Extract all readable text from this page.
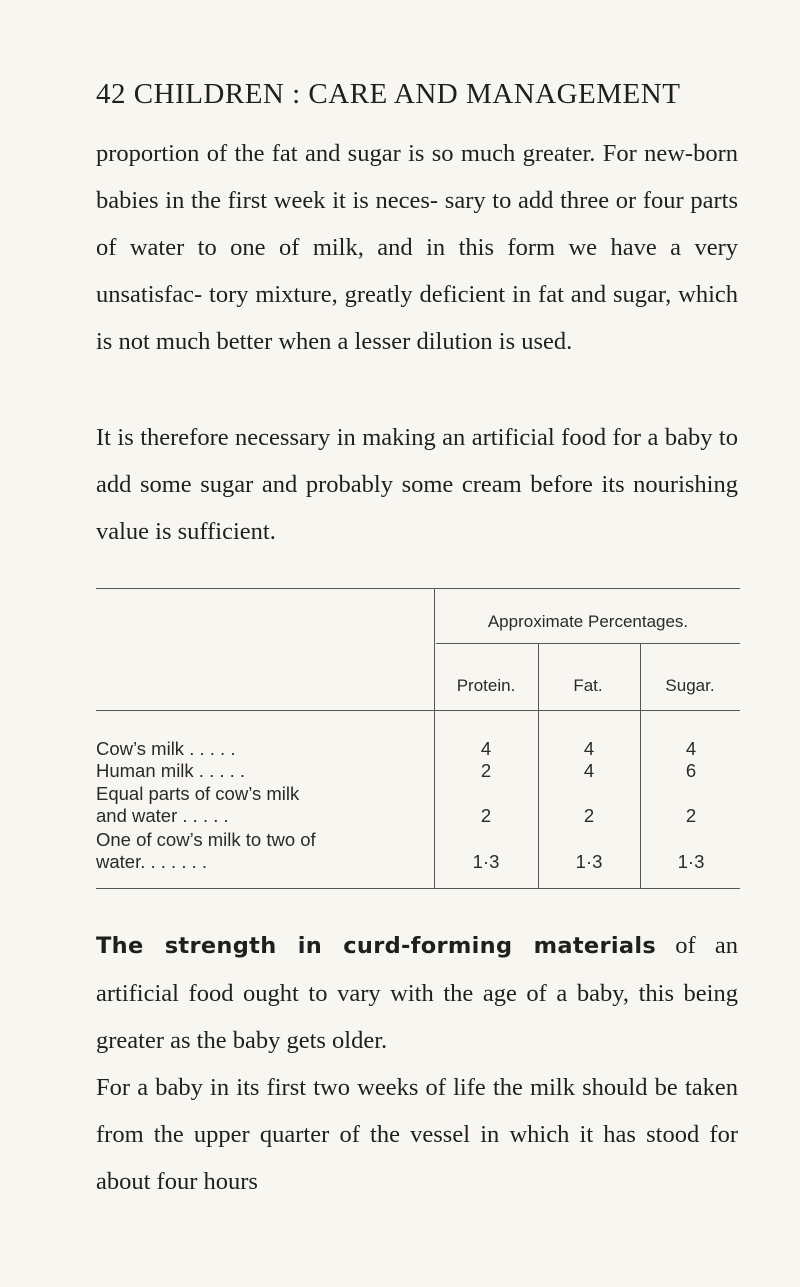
42 CHILDREN : CARE AND MANAGEMENT

proportion of the fat and sugar is so much greater. For new-born babies in the first week it is neces- sary to add three or four parts of water to one of milk, and in this form we have a very unsatisfac- tory mixture, greatly deficient in fat and sugar, which is not much better when a lesser dilution is used.

It is therefore necessary in making an artificial food for a baby to add some sugar and probably some cream before its nourishing value is sufficient.

Approximate Percentages.
Protein.	Fat.	Sugar.
Cow’s milk . . . . .	4	4	4
Human milk . . . . .	2	4	6
Equal parts of cow’s milk
and water . . . . .	2	2	2
One of cow’s milk to two of
water. . . . . . .	1·3	1·3	1·3

The strength in curd-forming materials of an artificial food ought to vary with the age of a baby, this being greater as the baby gets older.
For a baby in its first two weeks of life the milk should be taken from the upper quarter of the vessel in which it has stood for about four hours
